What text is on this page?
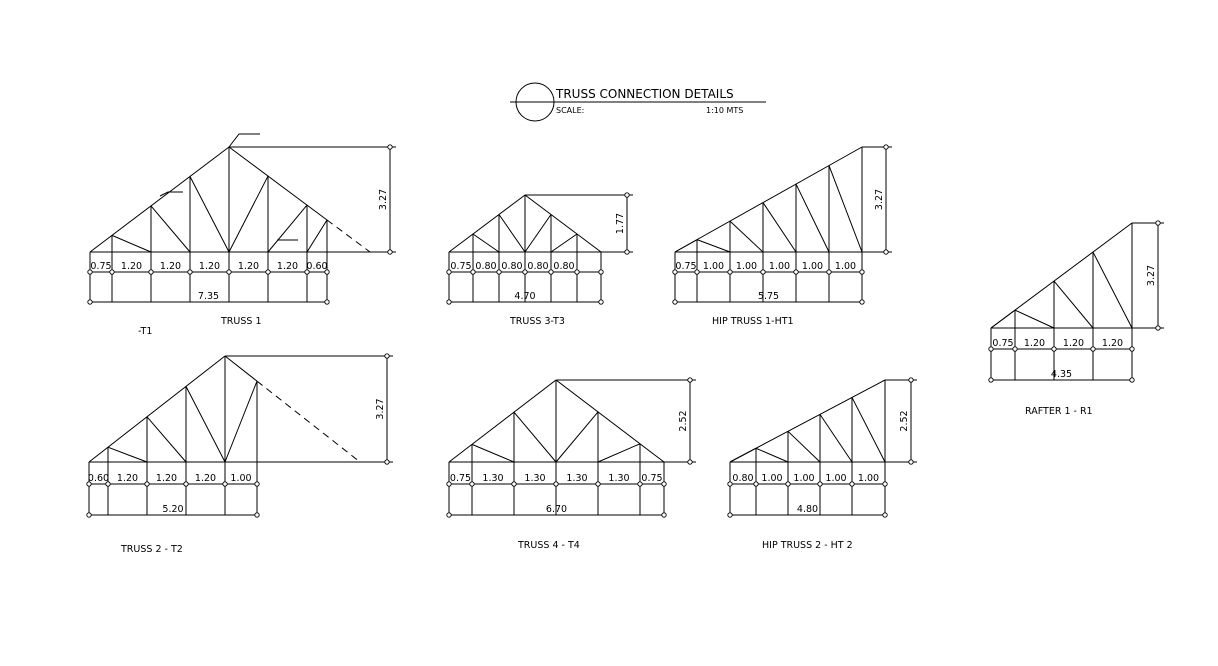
TRUSS CONNECTION DETAILS
SCALE:	1:10 MTS
3.27
0.75 1.20 1.20 1.20 1.20 1.20 0.60
7.35
TRUSS 1
-T1
1.77
0.75 0.80 0.80 0.80 0.80
4.70
TRUSS 3-T3
3.27
0.75 1.00 1.00 1.00 1.00 1.00
5.75
HIP TRUSS 1-HT1
3.27
0.75 1.20 1.20 1.20
4.35
RAFTER 1 - R1
3.27
0.60 1.20 1.20 1.20 1.00
5.20
TRUSS 2 - T2
2.52
0.75 1.30 1.30 1.30 1.30 0.75
6.70
TRUSS 4 - T4
2.52
0.80 1.00 1.00 1.00 1.00
4.80
HIP TRUSS 2 - HT 2
